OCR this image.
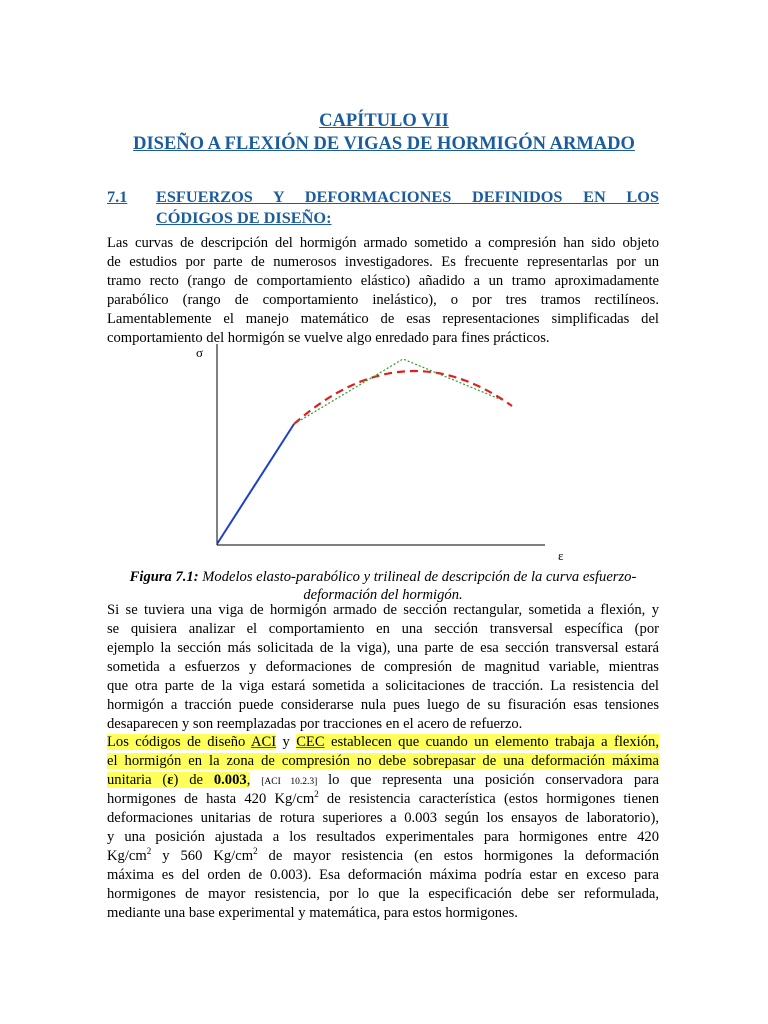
CAPÍTULO VII
DISEÑO A FLEXIÓN DE VIGAS DE HORMIGÓN ARMADO
7.1 ESFUERZOS Y DEFORMACIONES DEFINIDOS EN LOS
CÓDIGOS DE DISEÑO:
Las curvas de descripción del hormigón armado sometido a compresión han sido objeto
de estudios por parte de numerosos investigadores. Es frecuente representarlas por un
tramo recto (rango de comportamiento elástico) añadido a un tramo aproximadamente
parabólico (rango de comportamiento inelástico), o por tres tramos rectilíneos.
Lamentablemente el manejo matemático de esas representaciones simplificadas del
comportamiento del hormigón se vuelve algo enredado para fines prácticos.
σ
ε
Figura 7.1: Modelos elasto-parabólico y trilineal de descripción de la curva esfuerzo-
deformación del hormigón.
Si se tuviera una viga de hormigón armado de sección rectangular, sometida a flexión, y
se quisiera analizar el comportamiento en una sección transversal específica (por
ejemplo la sección más solicitada de la viga), una parte de esa sección transversal estará
sometida a esfuerzos y deformaciones de compresión de magnitud variable, mientras
que otra parte de la viga estará sometida a solicitaciones de tracción. La resistencia del
hormigón a tracción puede considerarse nula pues luego de su fisuración esas tensiones
desaparecen y son reemplazadas por tracciones en el acero de refuerzo.
Los códigos de diseño ACI y CEC establecen que cuando un elemento trabaja a flexión,
el hormigón en la zona de compresión no debe sobrepasar de una deformación máxima
unitaria (ε) de 0.003, [ACI 10.2.3] lo que representa una posición conservadora para
hormigones de hasta 420 $Kg/cm^2$ de resistencia característica (estos hormigones tienen
deformaciones unitarias de rotura superiores a 0.003 según los ensayos de laboratorio),
y una posición ajustada a los resultados experimentales para hormigones entre 420
$Kg/cm^2$ y 560 $Kg/cm^2$ de mayor resistencia (en estos hormigones la deformación
máxima es del orden de 0.003). Esa deformación máxima podría estar en exceso para
hormigones de mayor resistencia, por lo que la especificación debe ser reformulada,
mediante una base experimental y matemática, para estos hormigones.
